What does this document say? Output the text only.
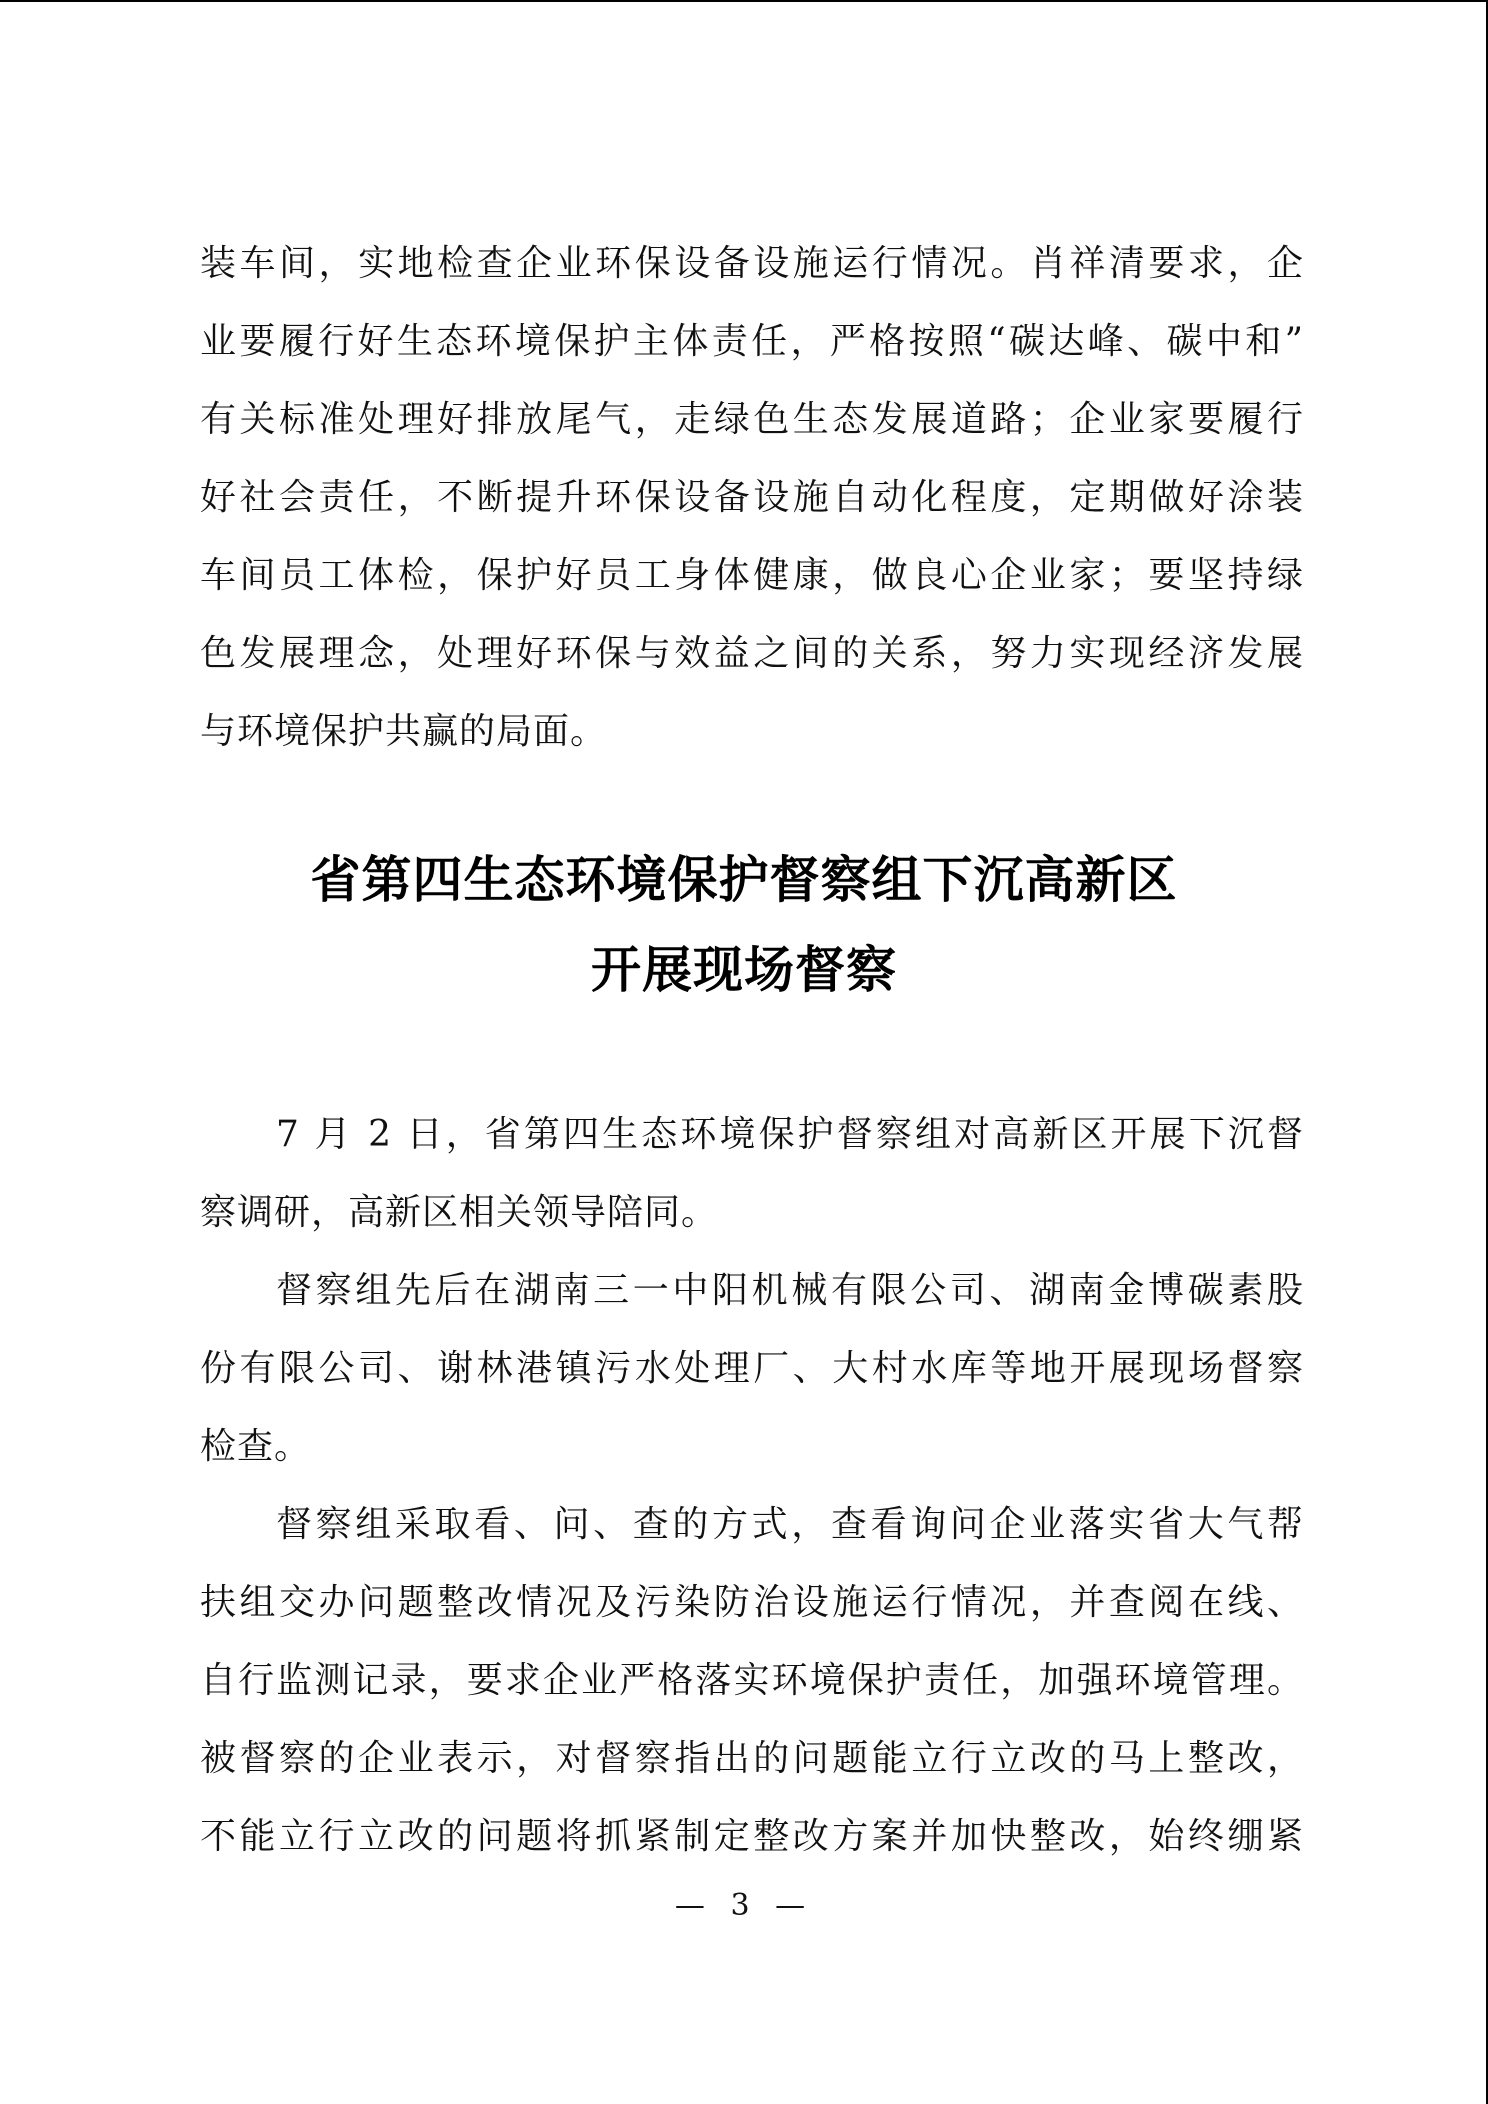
装车间，实地检查企业环保设备设施运行情况。肖祥清要求，企
业要履行好生态环境保护主体责任，严格按照“碳达峰、碳中和”
有关标准处理好排放尾气，走绿色生态发展道路；企业家要履行
好社会责任，不断提升环保设备设施自动化程度，定期做好涂装
车间员工体检，保护好员工身体健康，做良心企业家；要坚持绿
色发展理念，处理好环保与效益之间的关系，努力实现经济发展
与环境保护共赢的局面。
省第四生态环境保护督察组下沉高新区
开展现场督察
7 月 2 日，省第四生态环境保护督察组对高新区开展下沉督
察调研，高新区相关领导陪同。
督察组先后在湖南三一中阳机械有限公司、湖南金博碳素股
份有限公司、谢林港镇污水处理厂、大村水库等地开展现场督察
检查。
督察组采取看、问、查的方式，查看询问企业落实省大气帮
扶组交办问题整改情况及污染防治设施运行情况，并查阅在线、
自行监测记录，要求企业严格落实环境保护责任，加强环境管理。
被督察的企业表示，对督察指出的问题能立行立改的马上整改，
不能立行立改的问题将抓紧制定整改方案并加快整改，始终绷紧
— 3 —
